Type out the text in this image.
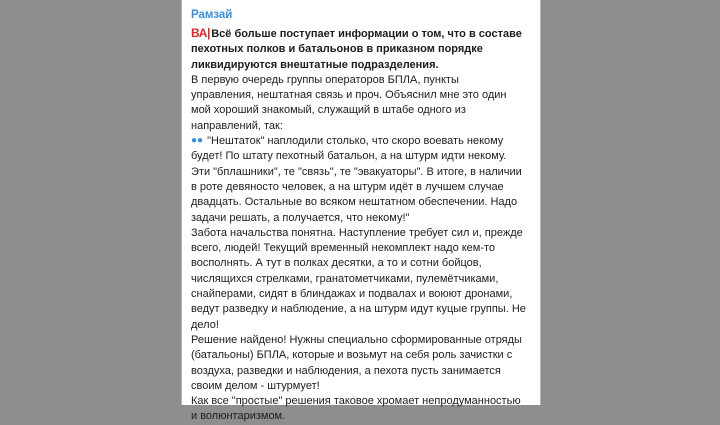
Рамзай
ВА|Всё больше поступает информации о том, что в составе
пехотных полков и батальонов в приказном порядке
ликвидируются внештатные подразделения.
В первую очередь группы операторов БПЛА, пункты
управления, нештатная связь и проч. Объяснил мне это один
мой хороший знакомый, служащий в штабе одного из
направлений, так:
●● "Нештаток" наплодили столько, что скоро воевать некому
будет! По штату пехотный батальон, а на штурм идти некому.
Эти "бплашники", те "связь", те "эвакуаторы". В итоге, в наличии
в роте девяносто человек, а на штурм идёт в лучшем случае
двадцать. Остальные во всяком нештатном обеспечении. Надо
задачи решать, а получается, что некому!"
Забота начальства понятна. Наступление требует сил и, прежде
всего, людей! Текущий временный некомплект надо кем-то
восполнять. А тут в полках десятки, а то и сотни бойцов,
числящихся стрелками, гранатометчиками, пулемётчиками,
снайперами, сидят в блиндажах и подвалах и воюют дронами,
ведут разведку и наблюдение, а на штурм идут куцые группы. Не
дело!
Решение найдено! Нужны специально сформированные отряды
(батальоны) БПЛА, которые и возьмут на себя роль зачистки с
воздуха, разведки и наблюдения, а пехота пусть занимается
своим делом - штурмует!
Как все "простые" решения таковое хромает непродуманностью
и волюнтаризмом.
